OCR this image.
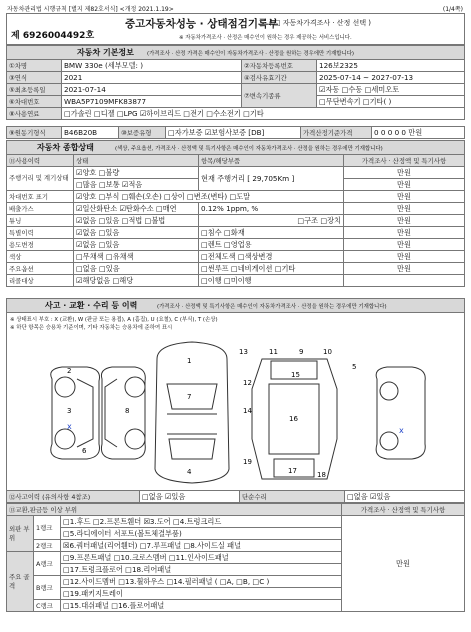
자동차관리법 시행규칙 [별지 제82호서식] <개정 2021.1.19>	(1/4쪽)
제 6926004492호
중고자동차성능 · 상태점검기록부
( □ 자동차가격조사 · 산정 선택 )
※ 자동차가격조사 · 산정은 매수인이 원하는 경우 제공하는 서비스입니다.
자동차 기본정보 (가격조사 · 산정 가격은 매수인이 자동차가격조사 · 산정을 원하는 경우에만 기재합니다)
①차명	BMW 330e (세부모델: )	②자동차등록번호	126보2325
③연식	2021	④검사유효기간	2025-07-14 ~ 2027-07-13
⑤최초등록일	2021-07-14	⑦변속기종류	☑자동 □수동 □세미오토
⑥차대번호	WBA5P7109MFK83877		□무단변속기 □기타( )
⑧사용연료	□가솔린 □디젤 □LPG ☑하이브리드 □전기 □수소전기 □기타		
⑨원동기형식	B46B20B	⑩보증유형	□자가보증 ☑보험사보증 [DB]	가격산정기준가격	0 0 0 0 0 만원
자동차 종합상태	(색상, 주요옵션, 가격조사 · 산정액 및 특기사항은 매수인이 자동차가격조사 · 산정을 원하는 경우에만 기재합니다)
⑪사용이력	상태	항목/해당부품	가격조사 · 산정액 및 특기사항
주행거리 및 계기상태	☑양호 □불량	현재 주행거리 [ 29,705Km ]	만원
	□많음 □보통 ☑적음		만원
차대번호 표기	☑양호 □부식 □훼손(오손) □상이 □변조(변타) □도말		만원
배출가스	☑일산화탄소 ☑탄화수소 □매연	0.12% 1ppm, %	만원
튜닝	☑없음 □있음 □적법 □불법	□구조 □장치	만원
특별이력	☑없음 □있음	□침수 □화재	만원
용도변경	☑없음 □있음	□렌트 □영업용	만원
색상	□무채색 □유채색	□전체도색 □색상변경	만원
주요옵션	□없음 □있음	□썬루프 □네비게이션 □기타	만원
리콜대상	☑해당없음 □해당	□이행 □미이행	
사고 · 교환 · 수리 등 이력	(가격조사 · 산정액 및 특기사항은 매수인이 자동차가격조사 · 산정을 원하는 경우에만 기재합니다)
※ 상태표시 부호 : X (교환), W (판금 또는 용접), A (흠집), U (요철), C (부식), T (손상)
※ 하단 항목은 승용차 기준이며, 기타 자동차는 승용차에 준하여 표시
2
3
x
6
8
1
7
4
13	11	9	10
12
14
15
16
17	18
19
x
5
⑫사고이력 (유의사항 4참조)	□없음 ☑있음	단순수리	□없음 ☑있음
⑬교환,판금등 이상 부위			가격조사 · 산정액 및 특기사항
외판 부위	1랭크	□1.후드 □2.프론트휀더 ☒3.도어 □4.트렁크리드	만원
		□5.라디에이터 서포트(볼트체결부품)	
	2랭크	☒6.쿼터패널(리어휀더) □7.루프패널 □8.사이드실 패널	
주요 골격	A랭크	□9.프론트패널 □10.크로스멤버 □11.인사이드패널	
		□17.트렁크플로어 □18.리어패널	
	B랭크	□12.사이드멤버 □13.휠하우스 □14.필러패널 ( □A, □B, □C )	
		□19.패키지트레이	
	C랭크	□15.대쉬패널 □16.플로어패널	
